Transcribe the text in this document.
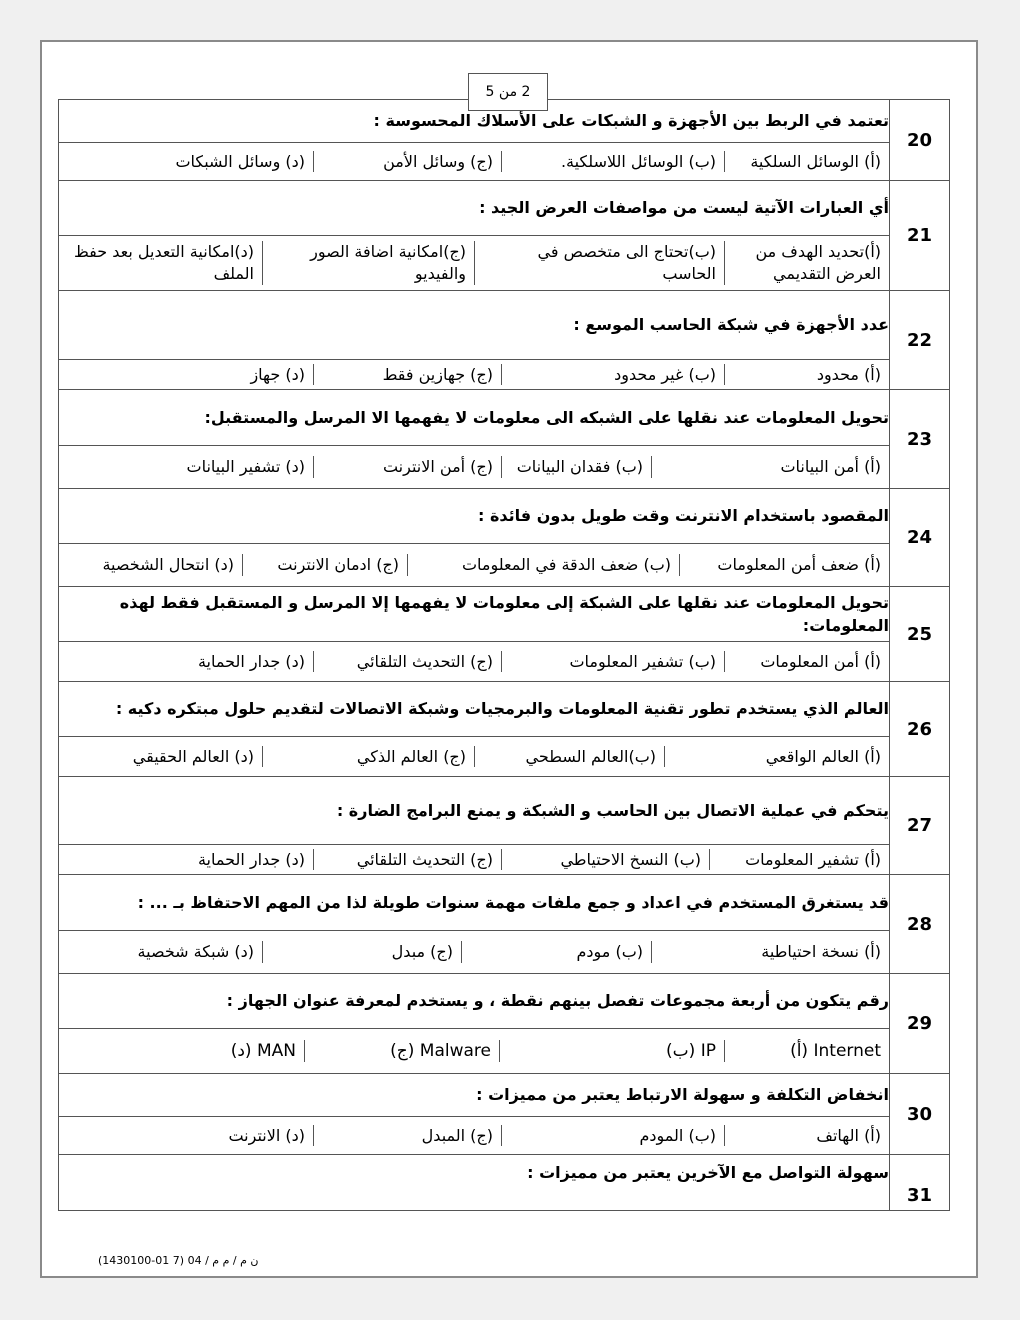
2 من 5
20	تعتمد في الربط بين الأجهزة و الشبكات على الأسلاك المحسوسة :

(أ) الوسائل السلكية
(ب) الوسائل اللاسلكية.
(ج) وسائل الأمن
(د) وسائل الشبكات

21	أي العبارات الآتية ليست من مواصفات العرض الجيد :

(أ)تحديد الهدف من العرض التقديمي
(ب)تحتاج الى متخصص في الحاسب
(ج)امكانية اضافة الصور والفيديو
(د)امكانية التعديل بعد حفظ الملف

22	عدد الأجهزة في شبكة الحاسب الموسع :

(أ) محدود
(ب) غير محدود
(ج) جهازين فقط
(د) جهاز

23	تحويل المعلومات عند نقلها على الشبكه الى معلومات لا يفهمها الا المرسل والمستقبل:

(أ) أمن البيانات
(ب) فقدان البيانات
(ج) أمن الانترنت
(د) تشفير البيانات

24	المقصود باستخدام الانترنت وقت طويل بدون فائدة :

(أ) ضعف أمن المعلومات
(ب) ضعف الدقة في المعلومات
(ج) ادمان الانترنت
(د) انتحال الشخصية

25	تحويل المعلومات عند نقلها على الشبكة إلى معلومات لا يفهمها إلا المرسل و المستقبل فقط لهذه المعلومات:

(أ) أمن المعلومات
(ب) تشفير المعلومات
(ج) التحديث التلقائي
(د) جدار الحماية

26	العالم الذي يستخدم تطور تقنية المعلومات والبرمجيات وشبكة الاتصالات لتقديم حلول مبتكره دكيه :

(أ) العالم الواقعي
(ب)العالم السطحي
(ج) العالم الذكي
(د) العالم الحقيقي

27	يتحكم في عملية الاتصال بين الحاسب و الشبكة و يمنع البرامج الضارة :

(أ) تشفير المعلومات
(ب) النسخ الاحتياطي
(ج) التحديث التلقائي
(د) جدار الحماية

28	قد يستغرق المستخدم في اعداد و جمع ملفات مهمة سنوات طويلة لذا من المهم الاحتفاظ بـ ... :

(أ) نسخة احتياطية
(ب) مودم
(ج) مبدل
(د) شبكة شخصية

29	رقم يتكون من أربعة مجموعات تفصل بينهم نقطة ، و يستخدم لمعرفة عنوان الجهاز :

Internet (أ)
IP (ب)
Malware (ج)
MAN (د)

30	انخفاض التكلفة و سهولة الارتباط يعتبر من مميزات :

(أ) الهاتف
(ب) المودم
(ج) المبدل
(د) الانترنت

31	سهولة التواصل مع الآخرين يعتبر من مميزات :
ن م / م م / 04 (7 01-1430100)
